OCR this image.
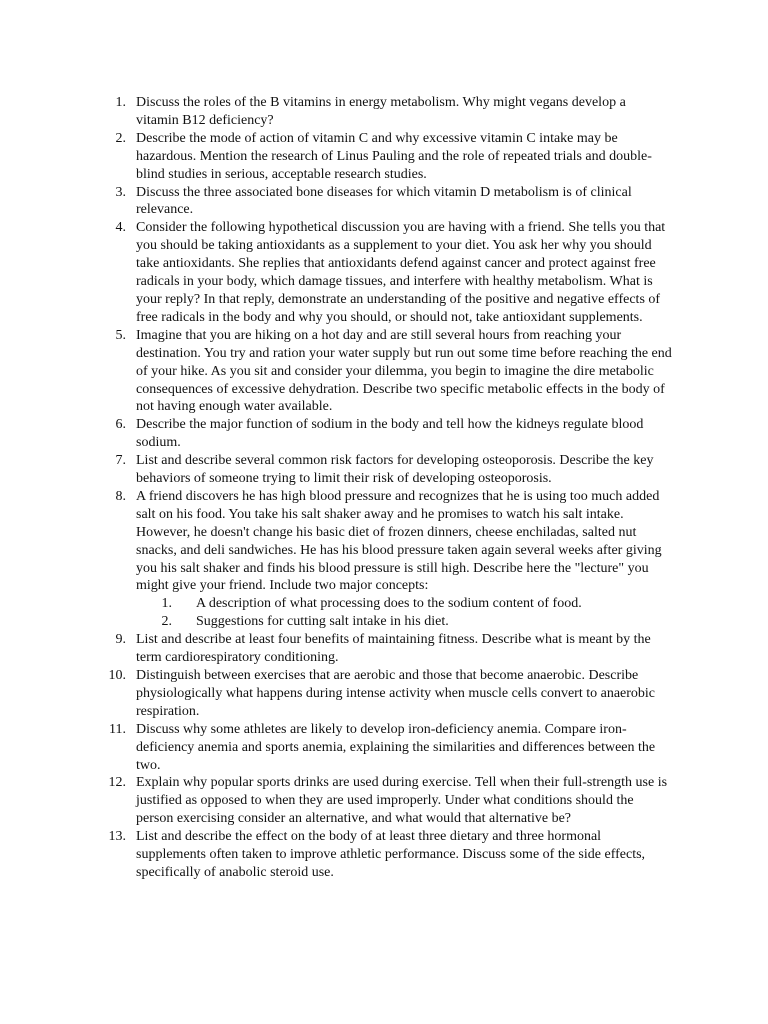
1. Discuss the roles of the B vitamins in energy metabolism. Why might vegans develop a vitamin B12 deficiency?
2. Describe the mode of action of vitamin C and why excessive vitamin C intake may be hazardous. Mention the research of Linus Pauling and the role of repeated trials and double-blind studies in serious, acceptable research studies.
3. Discuss the three associated bone diseases for which vitamin D metabolism is of clinical relevance.
4. Consider the following hypothetical discussion you are having with a friend. She tells you that you should be taking antioxidants as a supplement to your diet. You ask her why you should take antioxidants. She replies that antioxidants defend against cancer and protect against free radicals in your body, which damage tissues, and interfere with healthy metabolism. What is your reply? In that reply, demonstrate an understanding of the positive and negative effects of free radicals in the body and why you should, or should not, take antioxidant supplements.
5. Imagine that you are hiking on a hot day and are still several hours from reaching your destination. You try and ration your water supply but run out some time before reaching the end of your hike. As you sit and consider your dilemma, you begin to imagine the dire metabolic consequences of excessive dehydration. Describe two specific metabolic effects in the body of not having enough water available.
6. Describe the major function of sodium in the body and tell how the kidneys regulate blood sodium.
7. List and describe several common risk factors for developing osteoporosis. Describe the key behaviors of someone trying to limit their risk of developing osteoporosis.
8. A friend discovers he has high blood pressure and recognizes that he is using too much added salt on his food. You take his salt shaker away and he promises to watch his salt intake. However, he doesn't change his basic diet of frozen dinners, cheese enchiladas, salted nut snacks, and deli sandwiches. He has his blood pressure taken again several weeks after giving you his salt shaker and finds his blood pressure is still high. Describe here the "lecture" you might give your friend. Include two major concepts:
1. A description of what processing does to the sodium content of food.
2. Suggestions for cutting salt intake in his diet.
9. List and describe at least four benefits of maintaining fitness. Describe what is meant by the term cardiorespiratory conditioning.
10. Distinguish between exercises that are aerobic and those that become anaerobic. Describe physiologically what happens during intense activity when muscle cells convert to anaerobic respiration.
11. Discuss why some athletes are likely to develop iron-deficiency anemia. Compare iron-deficiency anemia and sports anemia, explaining the similarities and differences between the two.
12. Explain why popular sports drinks are used during exercise. Tell when their full-strength use is justified as opposed to when they are used improperly. Under what conditions should the person exercising consider an alternative, and what would that alternative be?
13. List and describe the effect on the body of at least three dietary and three hormonal supplements often taken to improve athletic performance. Discuss some of the side effects, specifically of anabolic steroid use.
